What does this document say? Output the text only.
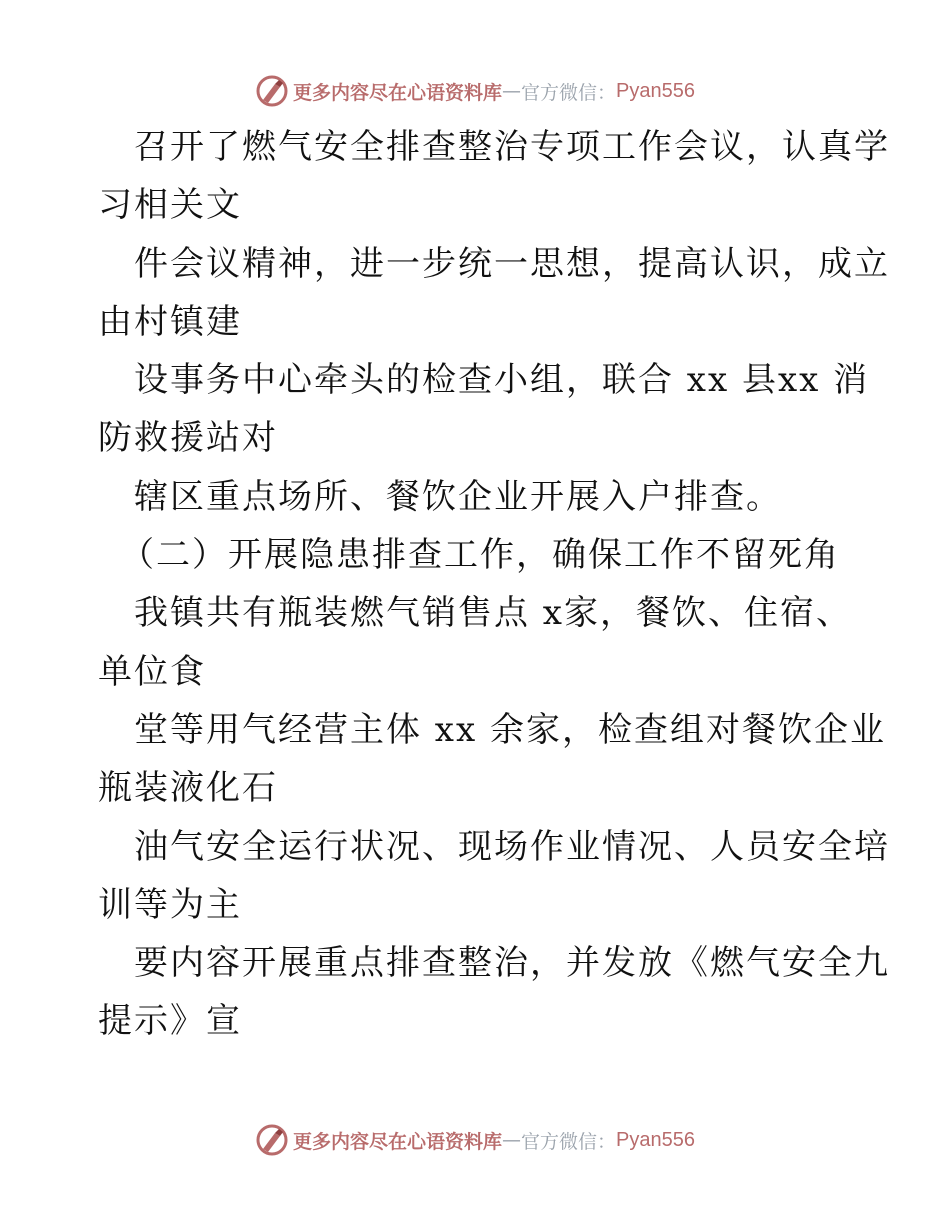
更多内容尽在心语资料库 — 官方微信： Pyan556
召开了燃气安全排查整治专项工作会议，认真学
习相关文
件会议精神，进一步统一思想，提高认识，成立
由村镇建
设事务中心牵头的检查小组，联合 xx 县xx 消
防救援站对
辖区重点场所、餐饮企业开展入户排查。
（二）开展隐患排查工作，确保工作不留死角
我镇共有瓶装燃气销售点 x家，餐饮、住宿、
单位食
堂等用气经营主体 xx 余家，检查组对餐饮企业
瓶装液化石
油气安全运行状况、现场作业情况、人员安全培
训等为主
要内容开展重点排查整治，并发放《燃气安全九
提示》宣
更多内容尽在心语资料库 — 官方微信： Pyan556
